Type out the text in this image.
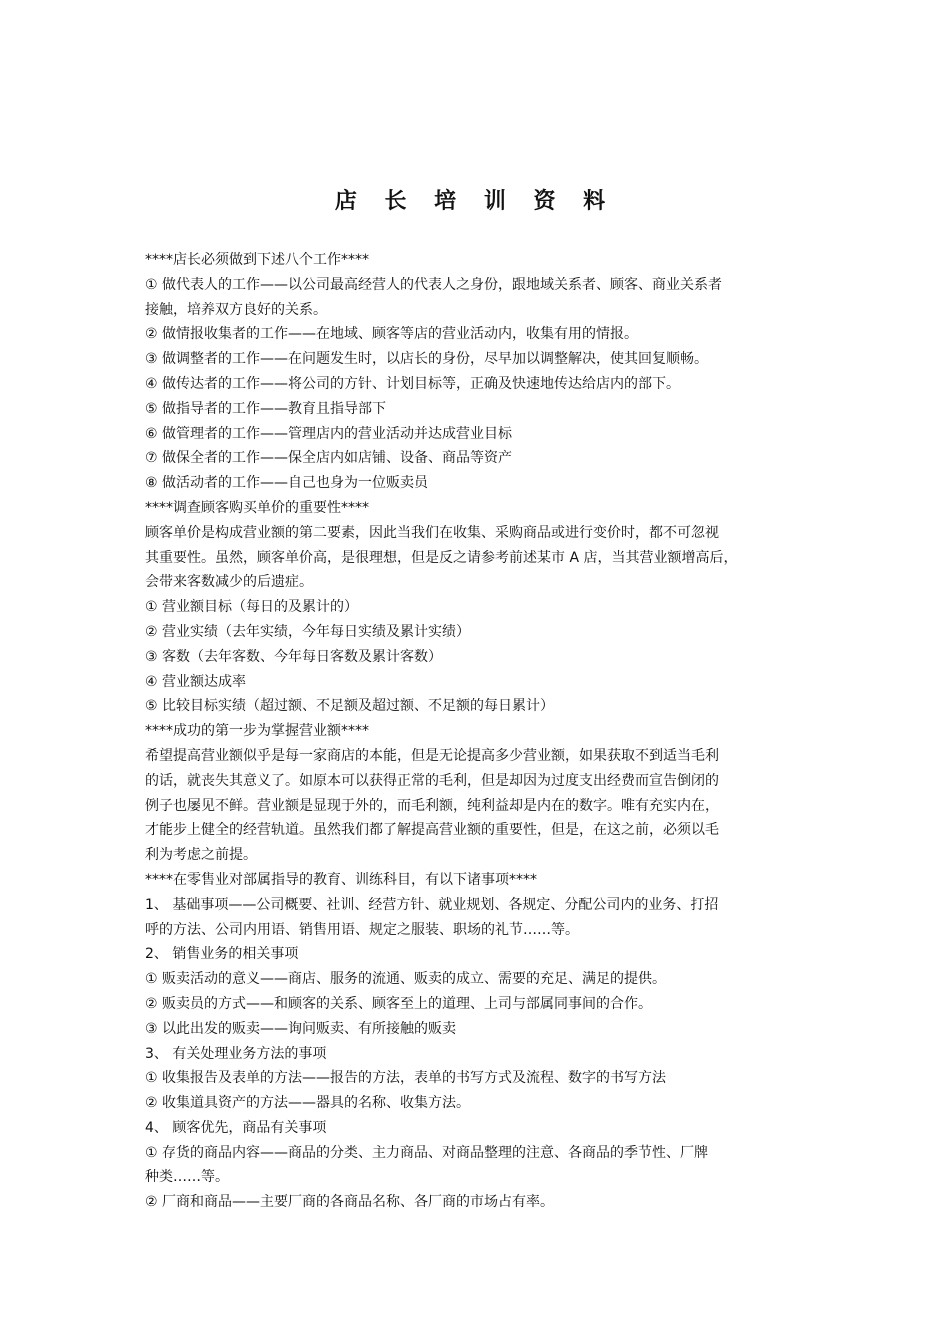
店 长 培 训 资 料
****店长必须做到下述八个工作****
① 做代表人的工作——以公司最高经营人的代表人之身份，跟地域关系者、顾客、商业关系者
接触，培养双方良好的关系。
② 做情报收集者的工作——在地域、顾客等店的营业活动内，收集有用的情报。
③ 做调整者的工作——在问题发生时，以店长的身份，尽早加以调整解决，使其回复顺畅。
④ 做传达者的工作——将公司的方针、计划目标等，正确及快速地传达给店内的部下。
⑤ 做指导者的工作——教育且指导部下
⑥ 做管理者的工作——管理店内的营业活动并达成营业目标
⑦ 做保全者的工作——保全店内如店铺、设备、商品等资产
⑧ 做活动者的工作——自己也身为一位贩卖员
****调查顾客购买单价的重要性****
顾客单价是构成营业额的第二要素，因此当我们在收集、采购商品或进行变价时，都不可忽视
其重要性。虽然，顾客单价高，是很理想，但是反之请参考前述某市 A 店，当其营业额增高后，
会带来客数减少的后遗症。
① 营业额目标（每日的及累计的）
② 营业实绩（去年实绩，今年每日实绩及累计实绩）
③ 客数（去年客数、今年每日客数及累计客数）
④ 营业额达成率
⑤ 比较目标实绩（超过额、不足额及超过额、不足额的每日累计）
****成功的第一步为掌握营业额****
希望提高营业额似乎是每一家商店的本能，但是无论提高多少营业额，如果获取不到适当毛利
的话，就丧失其意义了。如原本可以获得正常的毛利，但是却因为过度支出经费而宣告倒闭的
例子也屡见不鲜。营业额是显现于外的，而毛利额，纯利益却是内在的数字。唯有充实内在，
才能步上健全的经营轨道。虽然我们都了解提高营业额的重要性，但是，在这之前，必须以毛
利为考虑之前提。
****在零售业对部属指导的教育、训练科目，有以下诸事项****
1、 基础事项——公司概要、社训、经营方针、就业规划、各规定、分配公司内的业务、打招
呼的方法、公司内用语、销售用语、规定之服装、职场的礼节……等。
2、 销售业务的相关事项
① 贩卖活动的意义——商店、服务的流通、贩卖的成立、需要的充足、满足的提供。
② 贩卖员的方式——和顾客的关系、顾客至上的道理、上司与部属同事间的合作。
③ 以此出发的贩卖——询问贩卖、有所接触的贩卖
3、 有关处理业务方法的事项
① 收集报告及表单的方法——报告的方法，表单的书写方式及流程、数字的书写方法
② 收集道具资产的方法——器具的名称、收集方法。
4、 顾客优先，商品有关事项
① 存货的商品内容——商品的分类、主力商品、对商品整理的注意、各商品的季节性、厂牌
种类……等。
② 厂商和商品——主要厂商的各商品名称、各厂商的市场占有率。
